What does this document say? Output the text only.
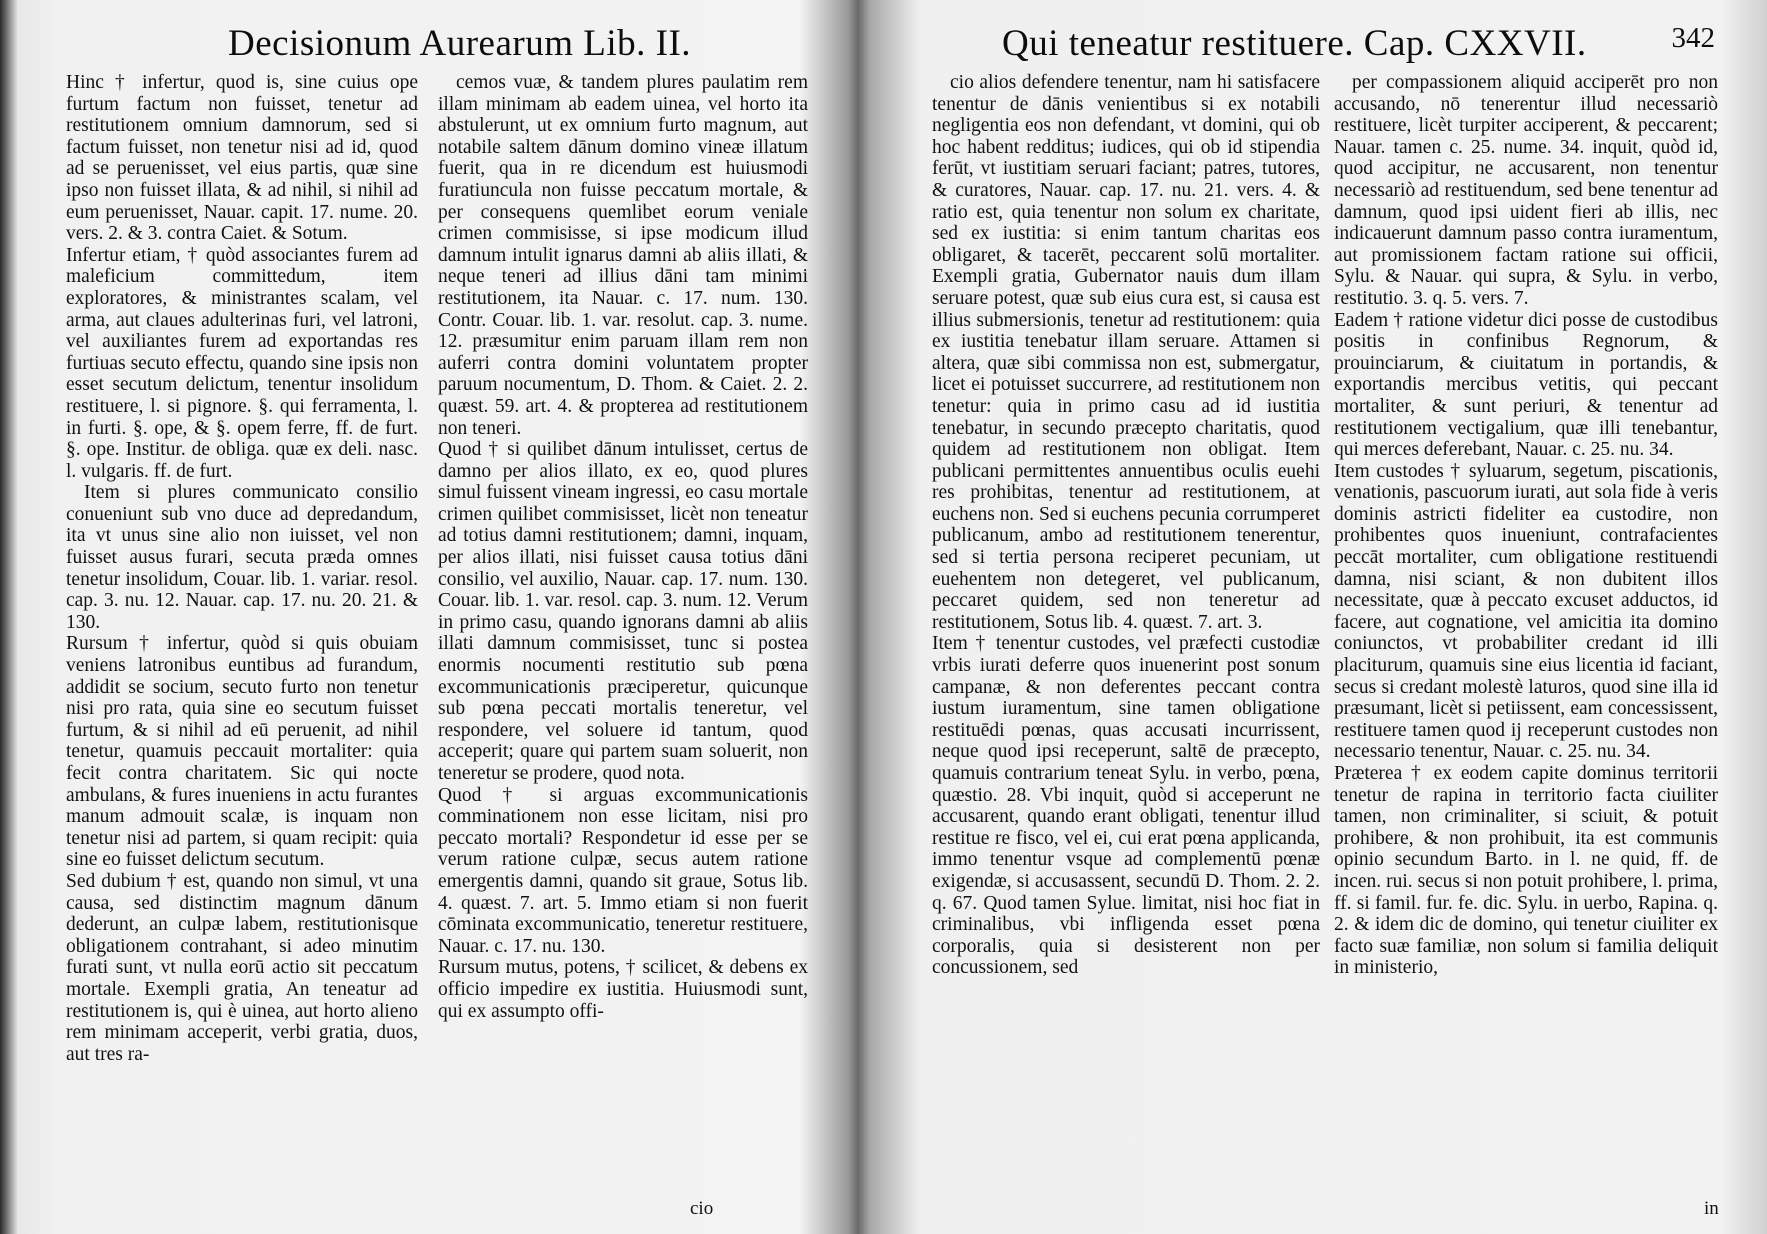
Decisionum Aurearum Lib. II.
Hinc † infertur, quod is, sine cuius ope furtum factum non fuisset, tenetur ad restitutionem omnium damnorum, sed si factum fuisset, non tenetur nisi ad id, quod ad se peruenisset, vel eius partis, quæ sine ipso non fuisset illata, & ad nihil, si nihil ad eum peruenisset, Nauar. capit. 17. nume. 20. vers. 2. & 3. contra Caiet. & Sotum.
Infertur etiam, † quòd associantes furem ad maleficium committedum, item exploratores, & ministrantes scalam, vel arma, aut claues adulterinas furi, vel latroni, vel auxiliantes furem ad exportandas res furtiuas secuto effectu, quando sine ipsis non esset secutum delictum, tenentur insolidum restituere, l. si pignore. §. qui ferramenta, l. in furti. §. ope, & §. opem ferre, ff. de furt. §. ope. Institur. de obliga. quæ ex deli. nasc. l. vulgaris. ff. de furt.
Item si plures communicato consilio conueniunt sub vno duce ad depredandum, ita vt unus sine alio non iuisset, vel non fuisset ausus furari, secuta præda omnes tenetur insolidum, Couar. lib. 1. variar. resol. cap. 3. nu. 12. Nauar. cap. 17. nu. 20. 21. & 130.
Rursum † infertur, quòd si quis obuiam veniens latronibus euntibus ad furandum, addidit se socium, secuto furto non tenetur nisi pro rata, quia sine eo secutum fuisset furtum, & si nihil ad eū peruenit, ad nihil tenetur, quamuis peccauit mortaliter: quia fecit contra charitatem. Sic qui nocte ambulans, & fures inueniens in actu furantes manum admouit scalæ, is inquam non tenetur nisi ad partem, si quam recipit: quia sine eo fuisset delictum secutum.
Sed dubium † est, quando non simul, vt una causa, sed distinctim magnum dānum dederunt, an culpæ labem, restitutionisque obligationem contrahant, si adeo minutim furati sunt, vt nulla eorū actio sit peccatum mortale. Exempli gratia, An teneatur ad restitutionem is, qui è uinea, aut horto alieno rem minimam acceperit, verbi gratia, duos, aut tres ra-
cemos vuæ, & tandem plures paulatim rem illam minimam ab eadem uinea, vel horto ita abstulerunt, ut ex omnium furto magnum, aut notabile saltem dānum domino vineæ illatum fuerit, qua in re dicendum est huiusmodi furatiuncula non fuisse peccatum mortale, & per consequens quemlibet eorum veniale crimen commisisse, si ipse modicum illud damnum intulit ignarus damni ab aliis illati, & neque teneri ad illius dāni tam minimi restitutionem, ita Nauar. c. 17. num. 130. Contr. Couar. lib. 1. var. resolut. cap. 3. nume. 12. præsumitur enim paruam illam rem non auferri contra domini voluntatem propter paruum nocumentum, D. Thom. & Caiet. 2. 2. quæst. 59. art. 4. & propterea ad restitutionem non teneri.
Quod † si quilibet dānum intulisset, certus de damno per alios illato, ex eo, quod plures simul fuissent vineam ingressi, eo casu mortale crimen quilibet commisisset, licèt non teneatur ad totius damni restitutionem; damni, inquam, per alios illati, nisi fuisset causa totius dāni consilio, vel auxilio, Nauar. cap. 17. num. 130. Couar. lib. 1. var. resol. cap. 3. num. 12. Verum in primo casu, quando ignorans damni ab aliis illati damnum commisisset, tunc si postea enormis nocumenti restitutio sub pœna excommunicationis præciperetur, quicunque sub pœna peccati mortalis teneretur, vel respondere, vel soluere id tantum, quod acceperit; quare qui partem suam soluerit, non teneretur se prodere, quod nota.
Quod † si arguas excommunicationis comminationem non esse licitam, nisi pro peccato mortali? Respondetur id esse per se verum ratione culpæ, secus autem ratione emergentis damni, quando sit graue, Sotus lib. 4. quæst. 7. art. 5. Immo etiam si non fuerit cōminata excommunicatio, teneretur restituere, Nauar. c. 17. nu. 130.
Rursum mutus, potens, † scilicet, & debens ex officio impedire ex iustitia. Huiusmodi sunt, qui ex assumpto offi-
cio
Qui teneatur restituere. Cap. CXXVII.	342
cio alios defendere tenentur, nam hi satisfacere tenentur de dānis venientibus si ex notabili negligentia eos non defendant, vt domini, qui ob hoc habent redditus; iudices, qui ob id stipendia ferūt, vt iustitiam seruari faciant; patres, tutores, & curatores, Nauar. cap. 17. nu. 21. vers. 4. & ratio est, quia tenentur non solum ex charitate, sed ex iustitia: si enim tantum charitas eos obligaret, & tacerēt, peccarent solū mortaliter. Exempli gratia, Gubernator nauis dum illam seruare potest, quæ sub eius cura est, si causa est illius submersionis, tenetur ad restitutionem: quia ex iustitia tenebatur illam seruare. Attamen si altera, quæ sibi commissa non est, submergatur, licet ei potuisset succurrere, ad restitutionem non tenetur: quia in primo casu ad id iustitia tenebatur, in secundo præcepto charitatis, quod quidem ad restitutionem non obligat. Item publicani permittentes annuentibus oculis euehi res prohibitas, tenentur ad restitutionem, at euchens non. Sed si euchens pecunia corrumperet publicanum, ambo ad restitutionem tenerentur, sed si tertia persona reciperet pecuniam, ut euehentem non detegeret, vel publicanum, peccaret quidem, sed non teneretur ad restitutionem, Sotus lib. 4. quæst. 7. art. 3.
Item † tenentur custodes, vel præfecti custodiæ vrbis iurati deferre quos inuenerint post sonum campanæ, & non deferentes peccant contra iustum iuramentum, sine tamen obligatione restituēdi pœnas, quas accusati incurrissent, neque quod ipsi receperunt, saltē de præcepto, quamuis contrarium teneat Sylu. in verbo, pœna, quæstio. 28. Vbi inquit, quòd si acceperunt ne accusarent, quando erant obligati, tenentur illud restitue re fisco, vel ei, cui erat pœna applicanda, immo tenentur vsque ad complementū pœnæ exigendæ, si accusassent, secundū D. Thom. 2. 2. q. 67. Quod tamen Sylue. limitat, nisi hoc fiat in criminalibus, vbi infligenda esset pœna corporalis, quia si desisterent non per concussionem, sed
per compassionem aliquid acciperēt pro non accusando, nō tenerentur illud necessariò restituere, licèt turpiter acciperent, & peccarent; Nauar. tamen c. 25. nume. 34. inquit, quòd id, quod accipitur, ne accusarent, non tenentur necessariò ad restituendum, sed bene tenentur ad damnum, quod ipsi uident fieri ab illis, nec indicauerunt damnum passo contra iuramentum, aut promissionem factam ratione sui officii, Sylu. & Nauar. qui supra, & Sylu. in verbo, restitutio. 3. q. 5. vers. 7.
Eadem † ratione videtur dici posse de custodibus positis in confinibus Regnorum, & prouinciarum, & ciuitatum in portandis, & exportandis mercibus vetitis, qui peccant mortaliter, & sunt periuri, & tenentur ad restitutionem vectigalium, quæ illi tenebantur, qui merces deferebant, Nauar. c. 25. nu. 34.
Item custodes † syluarum, segetum, piscationis, venationis, pascuorum iurati, aut sola fide à veris dominis astricti fideliter ea custodire, non prohibentes quos inueniunt, contrafacientes peccāt mortaliter, cum obligatione restituendi damna, nisi sciant, & non dubitent illos necessitate, quæ à peccato excuset adductos, id facere, aut cognatione, vel amicitia ita domino coniunctos, vt probabiliter credant id illi placiturum, quamuis sine eius licentia id faciant, secus si credant molestè laturos, quod sine illa id præsumant, licèt si petiissent, eam concessissent, restituere tamen quod ij receperunt custodes non necessario tenentur, Nauar. c. 25. nu. 34.
Præterea † ex eodem capite dominus territorii tenetur de rapina in territorio facta ciuiliter tamen, non criminaliter, si sciuit, & potuit prohibere, & non prohibuit, ita est communis opinio secundum Barto. in l. ne quid, ff. de incen. rui. secus si non potuit prohibere, l. prima, ff. si famil. fur. fe. dic. Sylu. in uerbo, Rapina. q. 2. & idem dic de domino, qui tenetur ciuiliter ex facto suæ familiæ, non solum si familia deliquit in ministerio,
in
